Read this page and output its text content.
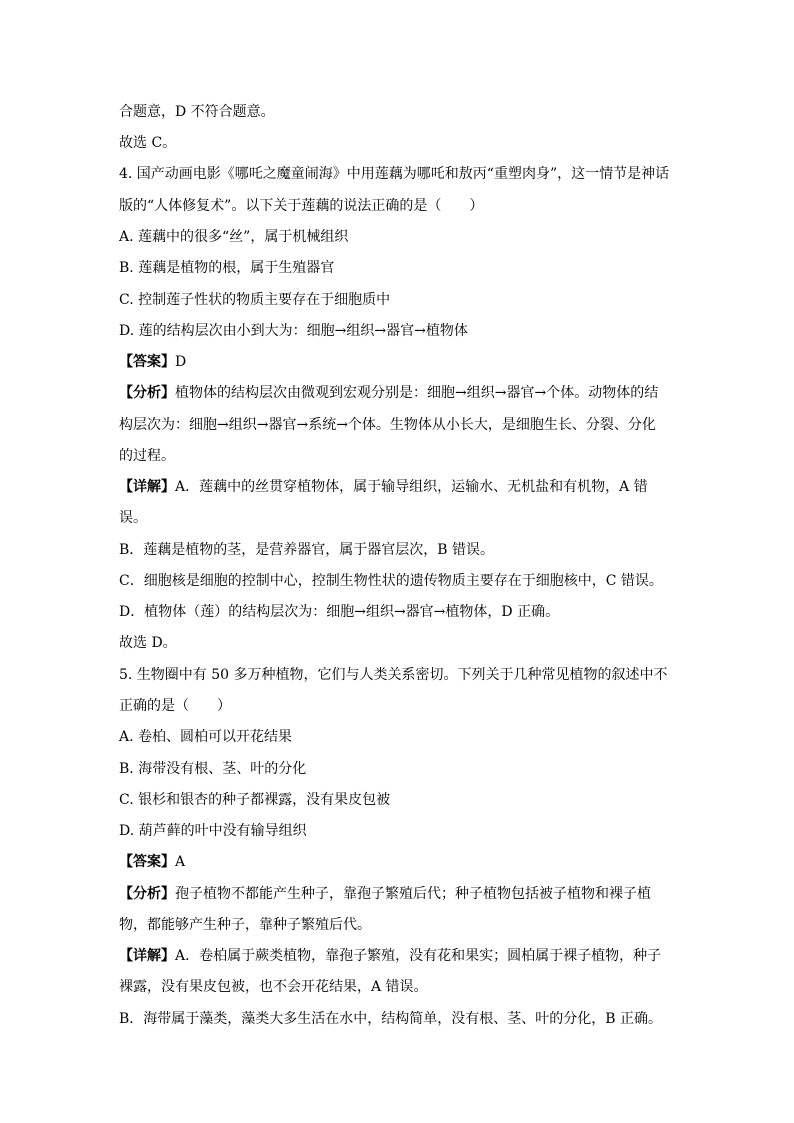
合题意，D 不符合题意。
故选 C。
4. 国产动画电影《哪吒之魔童闹海》中用莲藕为哪吒和敖丙“重塑肉身”，这一情节是神话
版的“人体修复术”。以下关于莲藕的说法正确的是（　　）
A. 莲藕中的很多“丝”，属于机械组织
B. 莲藕是植物的根，属于生殖器官
C. 控制莲子性状的物质主要存在于细胞质中
D. 莲的结构层次由小到大为：细胞→组织→器官→植物体
【答案】D
【分析】植物体的结构层次由微观到宏观分别是：细胞→组织→器官→个体。动物体的结
构层次为：细胞→组织→器官→系统→个体。生物体从小长大，是细胞生长、分裂、分化
的过程。
【详解】A．莲藕中的丝贯穿植物体，属于输导组织，运输水、无机盐和有机物，A 错
误。
B．莲藕是植物的茎，是营养器官，属于器官层次，B 错误。
C．细胞核是细胞的控制中心，控制生物性状的遗传物质主要存在于细胞核中，C 错误。
D．植物体（莲）的结构层次为：细胞→组织→器官→植物体，D 正确。
故选 D。
5. 生物圈中有 50 多万种植物，它们与人类关系密切。下列关于几种常见植物的叙述中不
正确的是（　　）
A. 卷柏、圆柏可以开花结果
B. 海带没有根、茎、叶的分化
C. 银杉和银杏的种子都裸露，没有果皮包被
D. 葫芦藓的叶中没有输导组织
【答案】A
【分析】孢子植物不都能产生种子，靠孢子繁殖后代；种子植物包括被子植物和裸子植
物，都能够产生种子，靠种子繁殖后代。
【详解】A．卷柏属于蕨类植物，靠孢子繁殖，没有花和果实；圆柏属于裸子植物，种子
裸露，没有果皮包被，也不会开花结果，A 错误。
B．海带属于藻类，藻类大多生活在水中，结构简单，没有根、茎、叶的分化，B 正确。
